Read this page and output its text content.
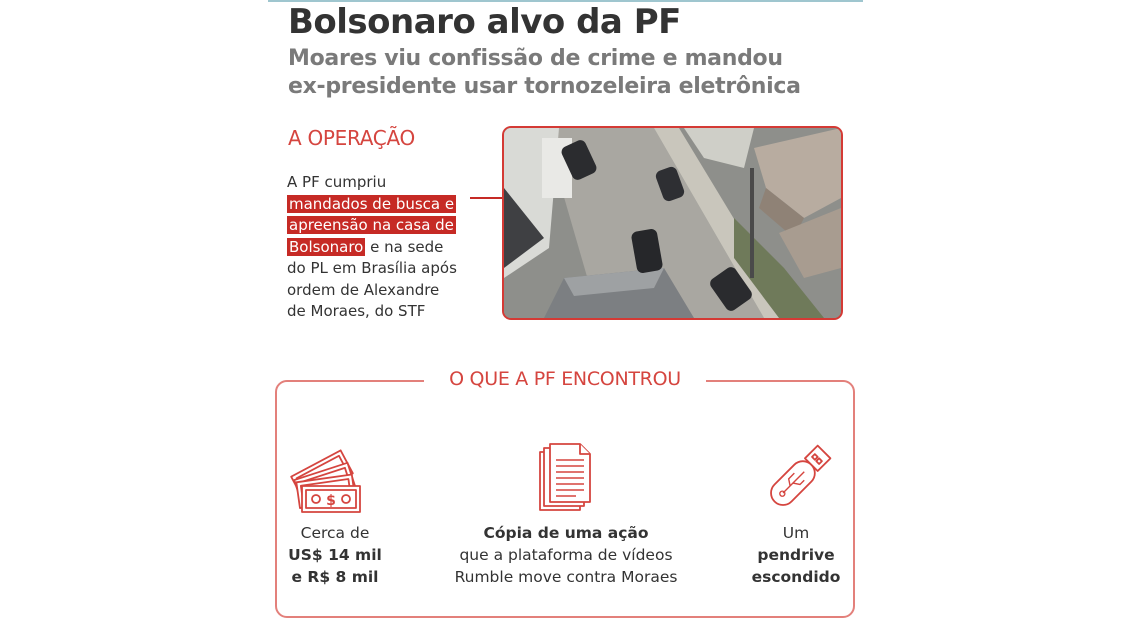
Bolsonaro alvo da PF
Moares viu confissão de crime e mandou
ex-presidente usar tornozeleira eletrônica
A OPERAÇÃO
A PF cumpriu
mandados de busca e
apreensão na casa de
Bolsonaro e na sede
do PL em Brasília após
ordem de Alexandre
de Moraes, do STF
O QUE A PF ENCONTROU
$
Cerca de
US$ 14 mil
e R$ 8 mil
Cópia de uma ação
que a plataforma de vídeos
Rumble move contra Moraes
Um
pendrive
escondido
